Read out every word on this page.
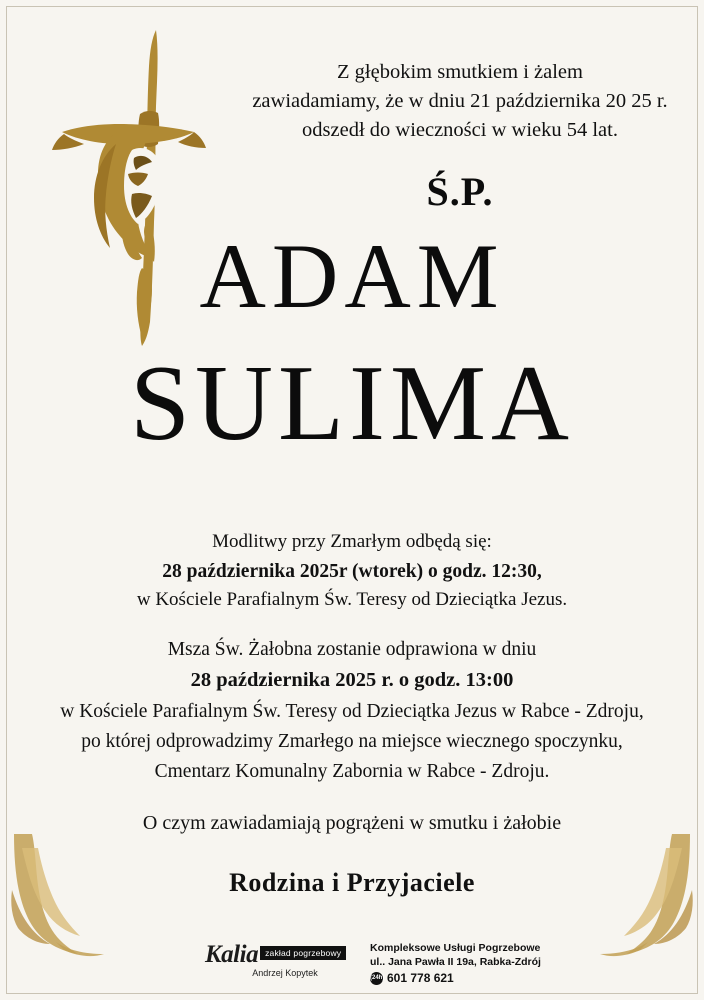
Z głębokim smutkiem i żalem
zawiadamiamy, że w dniu 21 października 20 25 r.
odszedł do wieczności w wieku 54 lat.
Ś.P.
ADAM
SULIMA
Modlitwy przy Zmarłym odbędą się:
28 października 2025r (wtorek) o godz. 12:30,
w Kościele Parafialnym Św. Teresy od Dzieciątka Jezus.
Msza Św. Żałobna zostanie odprawiona w dniu
28 października 2025 r. o godz. 13:00
w Kościele Parafialnym Św. Teresy od Dzieciątka Jezus w Rabce - Zdroju,
po której odprowadzimy Zmarłego na miejsce wiecznego spoczynku,
Cmentarz Komunalny Zabornia w Rabce - Zdroju.
O czym zawiadamiają pogrążeni w smutku i żałobie
Rodzina i Przyjaciele
Kalia zakład pogrzebowy
Andrzej Kopytek
Kompleksowe Usługi Pogrzebowe
ul.. Jana Pawła II 19a, Rabka-Zdrój
(24h) 601 778 621
